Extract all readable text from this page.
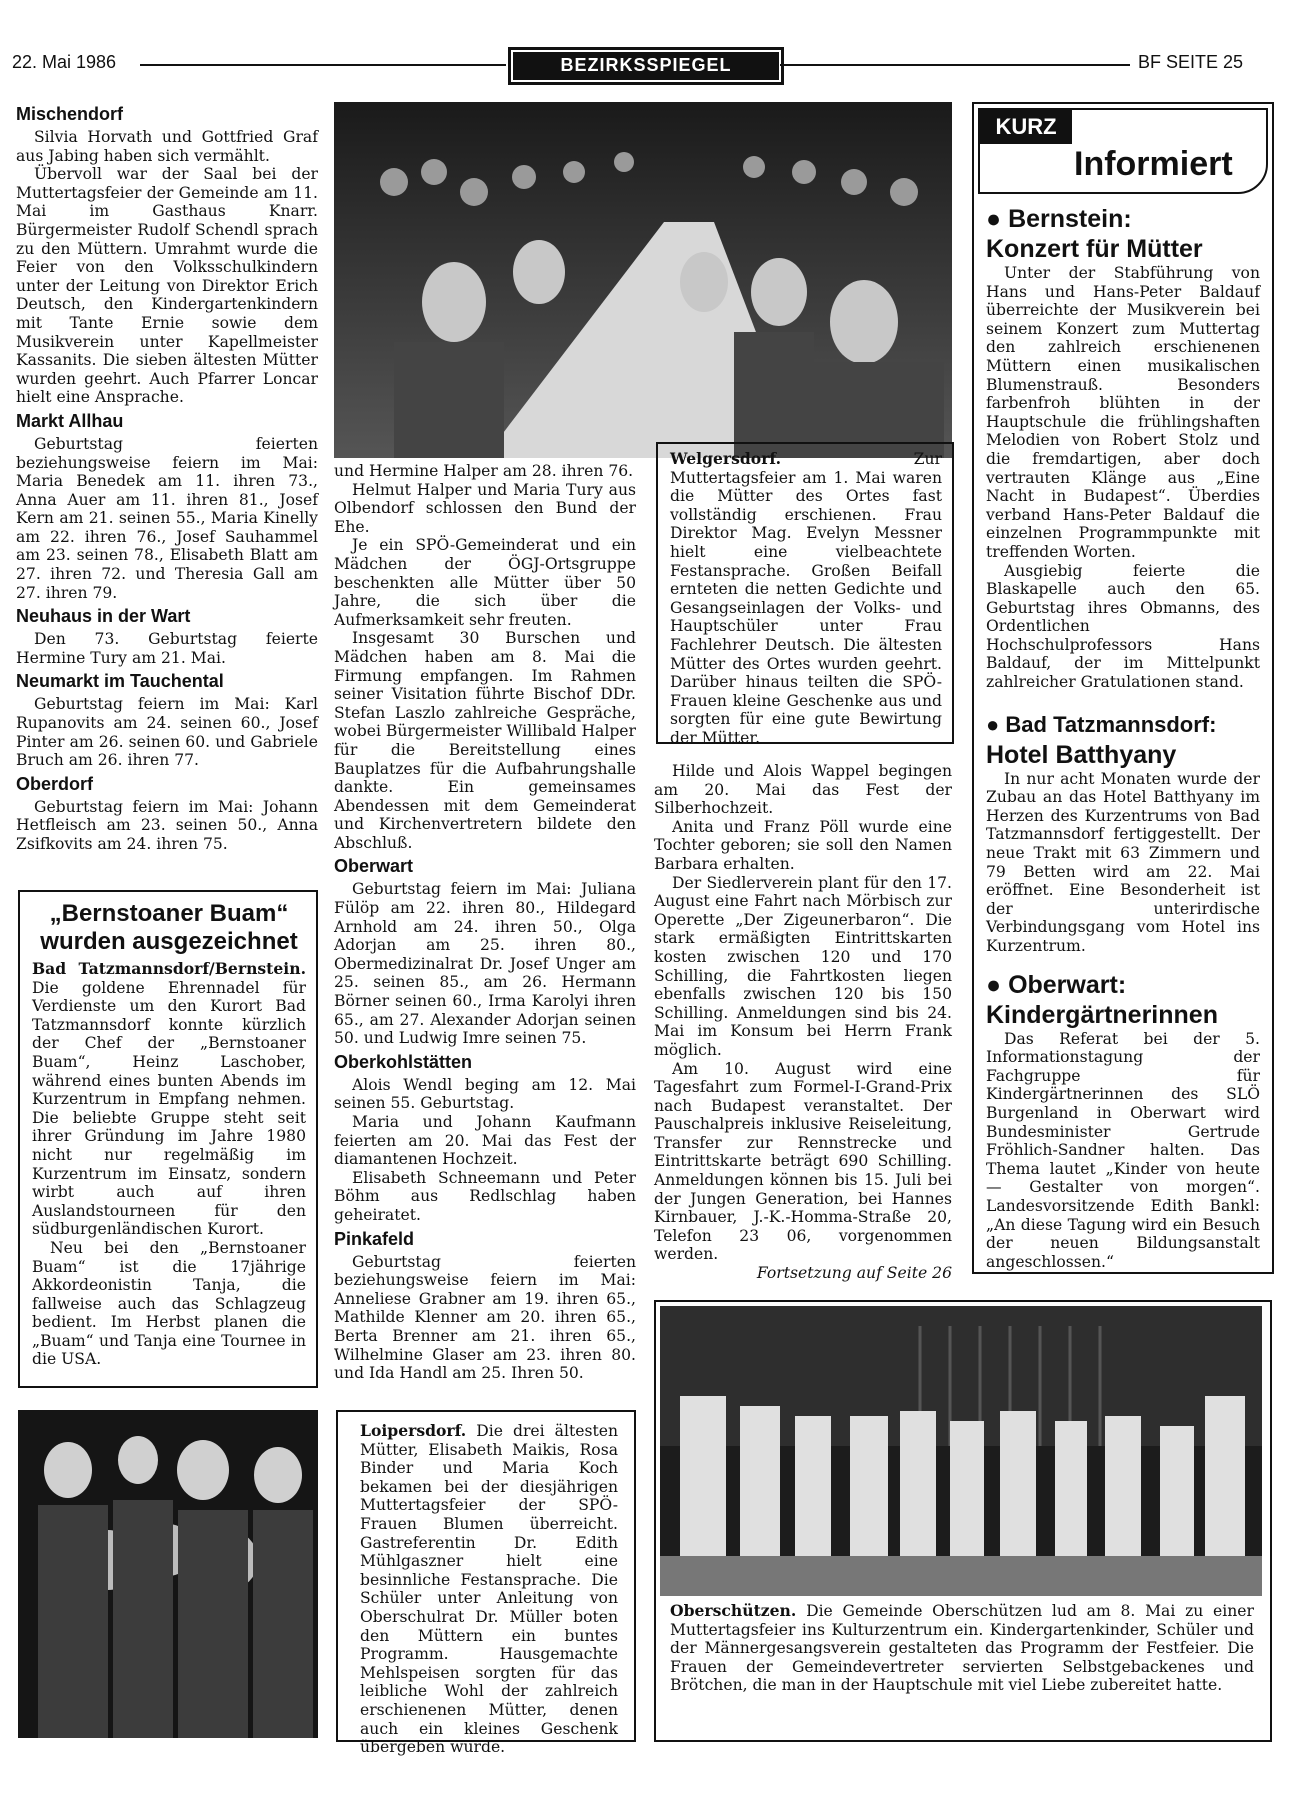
22. Mai 1986	BEZIRKSSPIEGEL	BF SEITE 25
Mischendorf

Silvia Horvath und Gottfried Graf aus Jabing haben sich vermählt.

Übervoll war der Saal bei der Muttertagsfeier der Gemeinde am 11. Mai im Gasthaus Knarr. Bürgermeister Rudolf Schendl sprach zu den Müttern. Umrahmt wurde die Feier von den Volksschulkindern unter der Leitung von Direktor Erich Deutsch, den Kindergartenkindern mit Tante Ernie sowie dem Musikverein unter Kapellmeister Kassanits. Die sieben ältesten Mütter wurden geehrt. Auch Pfarrer Loncar hielt eine Ansprache.

Markt Allhau

Geburtstag feierten beziehungsweise feiern im Mai: Maria Benedek am 11. ihren 73., Anna Auer am 11. ihren 81., Josef Kern am 21. seinen 55., Maria Kinelly am 22. ihren 76., Josef Sauhammel am 23. seinen 78., Elisabeth Blatt am 27. ihren 72. und Theresia Gall am 27. ihren 79.

Neuhaus in der Wart

Den 73. Geburtstag feierte Hermine Tury am 21. Mai.

Neumarkt im Tauchental

Geburtstag feiern im Mai: Karl Rupanovits am 24. seinen 60., Josef Pinter am 26. seinen 60. und Gabriele Bruch am 26. ihren 77.

Oberdorf

Geburtstag feiern im Mai: Johann Hetfleisch am 23. seinen 50., Anna Zsifkovits am 24. ihren 75.

„Bernstoaner Buam“
wurden ausgezeichnet

Bad Tatzmannsdorf/Bernstein. Die goldene Ehrennadel für Verdienste um den Kurort Bad Tatzmannsdorf konnte kürzlich der Chef der „Bernstoaner Buam“, Heinz Laschober, während eines bunten Abends im Kurzentrum in Empfang nehmen. Die beliebte Gruppe steht seit ihrer Gründung im Jahre 1980 nicht nur regelmäßig im Kurzentrum im Einsatz, sondern wirbt auch auf ihren Auslandstourneen für den südburgenländischen Kurort.

Neu bei den „Bernstoaner Buam“ ist die 17jährige Akkordeonistin Tanja, die fallweise auch das Schlagzeug bedient. Im Herbst planen die „Buam“ und Tanja eine Tournee in die USA.

und Hermine Halper am 28. ihren 76.

Helmut Halper und Maria Tury aus Olbendorf schlossen den Bund der Ehe.

Je ein SPÖ-Gemeinderat und ein Mädchen der ÖGJ-Ortsgruppe beschenkten alle Mütter über 50 Jahre, die sich über die Aufmerksamkeit sehr freuten.

Insgesamt 30 Burschen und Mädchen haben am 8. Mai die Firmung empfangen. Im Rahmen seiner Visitation führte Bischof DDr. Stefan Laszlo zahlreiche Gespräche, wobei Bürgermeister Willibald Halper für die Bereitstellung eines Bauplatzes für die Aufbahrungshalle dankte. Ein gemeinsames Abendessen mit dem Gemeinderat und Kirchenvertretern bildete den Abschluß.

Oberwart

Geburtstag feiern im Mai: Juliana Fülöp am 22. ihren 80., Hildegard Arnhold am 24. ihren 50., Olga Adorjan am 25. ihren 80., Obermedizinalrat Dr. Josef Unger am 25. seinen 85., am 26. Hermann Börner seinen 60., Irma Karolyi ihren 65., am 27. Alexander Adorjan seinen 50. und Ludwig Imre seinen 75.

Oberkohlstätten

Alois Wendl beging am 12. Mai seinen 55. Geburtstag.

Maria und Johann Kaufmann feierten am 20. Mai das Fest der diamantenen Hochzeit.

Elisabeth Schneemann und Peter Böhm aus Redlschlag haben geheiratet.

Pinkafeld

Geburtstag feierten beziehungsweise feiern im Mai: Anneliese Grabner am 19. ihren 65., Mathilde Klenner am 20. ihren 65., Berta Brenner am 21. ihren 65., Wilhelmine Glaser am 23. ihren 80. und Ida Handl am 25. Ihren 50.

Welgersdorf.	Zur Muttertagsfeier am 1. Mai waren die Mütter des Ortes fast vollständig erschienen. Frau Direktor Mag. Evelyn Messner hielt eine vielbeachtete Festansprache. Großen Beifall ernteten die netten Gedichte und Gesangseinlagen der Volks- und Hauptschüler unter Frau Fachlehrer Deutsch. Die ältesten Mütter des Ortes wurden geehrt. Darüber hinaus teilten die SPÖ-Frauen kleine Geschenke aus und sorgten für eine gute Bewirtung der Mütter.

Hilde und Alois Wappel begingen am 20. Mai das Fest der Silberhochzeit.

Anita und Franz Pöll wurde eine Tochter geboren; sie soll den Namen Barbara erhalten.

Der Siedlerverein plant für den 17. August eine Fahrt nach Mörbisch zur Operette „Der Zigeunerbaron“. Die stark ermäßigten Eintrittskarten kosten zwischen 120 und 170 Schilling, die Fahrtkosten liegen ebenfalls zwischen 120 bis 150 Schilling. Anmeldungen sind bis 24. Mai im Konsum bei Herrn Frank möglich.

Am 10. August wird eine Tagesfahrt zum Formel-I-Grand-Prix nach Budapest veranstaltet. Der Pauschalpreis inklusive Reiseleitung, Transfer zur Rennstrecke und Eintrittskarte beträgt 690 Schilling. Anmeldungen können bis 15. Juli bei der Jungen Generation, bei Hannes Kirnbauer, J.-K.-Homma-Straße 20, Telefon 23 06, vorgenommen werden.

Fortsetzung auf Seite 26

KURZ
Informiert

● Bernstein:

Konzert für Mütter

Unter der Stabführung von Hans und Hans-Peter Baldauf überreichte der Musikverein bei seinem Konzert zum Muttertag den zahlreich erschienenen Müttern einen musikalischen Blumenstrauß. Besonders farbenfroh blühten in der Hauptschule die frühlingshaften Melodien von Robert Stolz und die fremdartigen, aber doch vertrauten Klänge aus „Eine Nacht in Budapest“. Überdies verband Hans-Peter Baldauf die einzelnen Programmpunkte mit treffenden Worten.

Ausgiebig feierte die Blaskapelle auch den 65. Geburtstag ihres Obmanns, des Ordentlichen Hochschulprofessors Hans Baldauf, der im Mittelpunkt zahlreicher Gratulationen stand.

● Bad Tatzmannsdorf:

Hotel Batthyany

In nur acht Monaten wurde der Zubau an das Hotel Batthyany im Herzen des Kurzentrums von Bad Tatzmannsdorf fertiggestellt. Der neue Trakt mit 63 Zimmern und 79 Betten wird am 22. Mai eröffnet. Eine Besonderheit ist der unterirdische Verbindungsgang vom Hotel ins Kurzentrum.

● Oberwart:

Kindergärtnerinnen

Das Referat bei der 5. Informationstagung der Fachgruppe für Kindergärtnerinnen des SLÖ Burgenland in Oberwart wird Bundesminister Gertrude Fröhlich-Sandner halten. Das Thema lautet „Kinder von heute — Gestalter von morgen“. Landesvorsitzende Edith Bankl: „An diese Tagung wird ein Besuch der neuen Bildungsanstalt angeschlossen.“

Loipersdorf. Die drei ältesten Mütter, Elisabeth Maikis, Rosa Binder und Maria Koch bekamen bei der diesjährigen Muttertagsfeier der SPÖ-Frauen Blumen überreicht. Gastreferentin Dr. Edith Mühlgaszner hielt eine besinnliche Festansprache. Die Schüler unter Anleitung von Oberschulrat Dr. Müller boten den Müttern ein buntes Programm. Hausgemachte Mehlspeisen sorgten für das leibliche Wohl der zahlreich erschienenen Mütter, denen auch ein kleines Geschenk übergeben wurde.

Oberschützen. Die Gemeinde Oberschützen lud am 8. Mai zu einer Muttertagsfeier ins Kulturzentrum ein. Kindergartenkinder, Schüler und der Männergesangsverein gestalteten das Programm der Festfeier. Die Frauen der Gemeindevertreter servierten Selbstgebackenes und Brötchen, die man in der Hauptschule mit viel Liebe zubereitet hatte.
